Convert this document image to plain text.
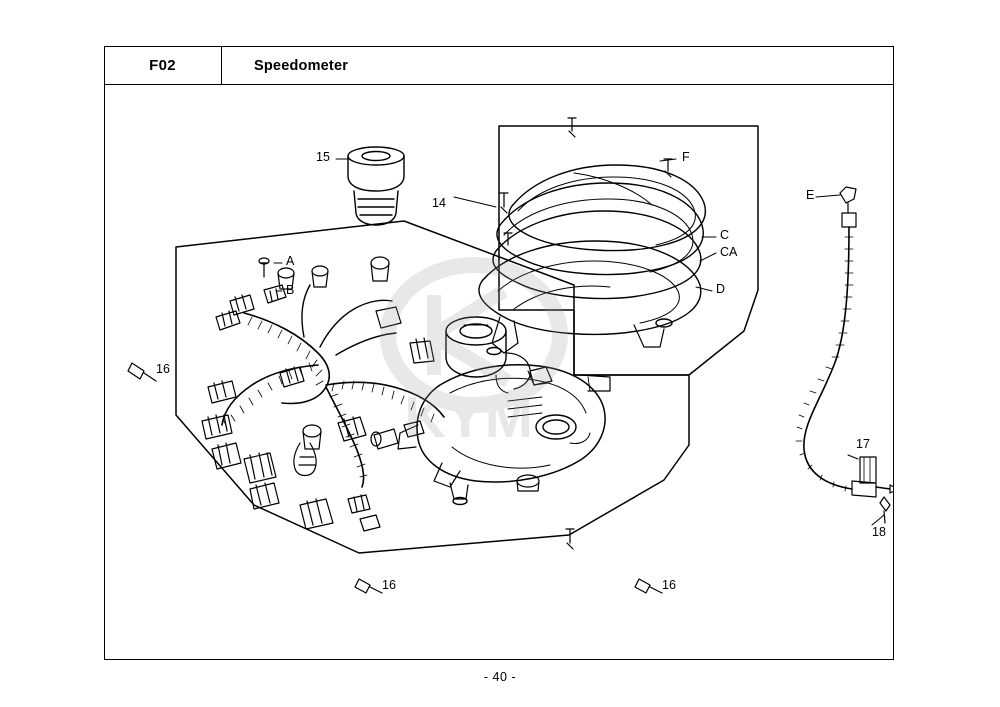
F02	Speedometer
KYM
15
14
F
C
CA
D
E
A
B
16
16	16
17
18
- 40 -
